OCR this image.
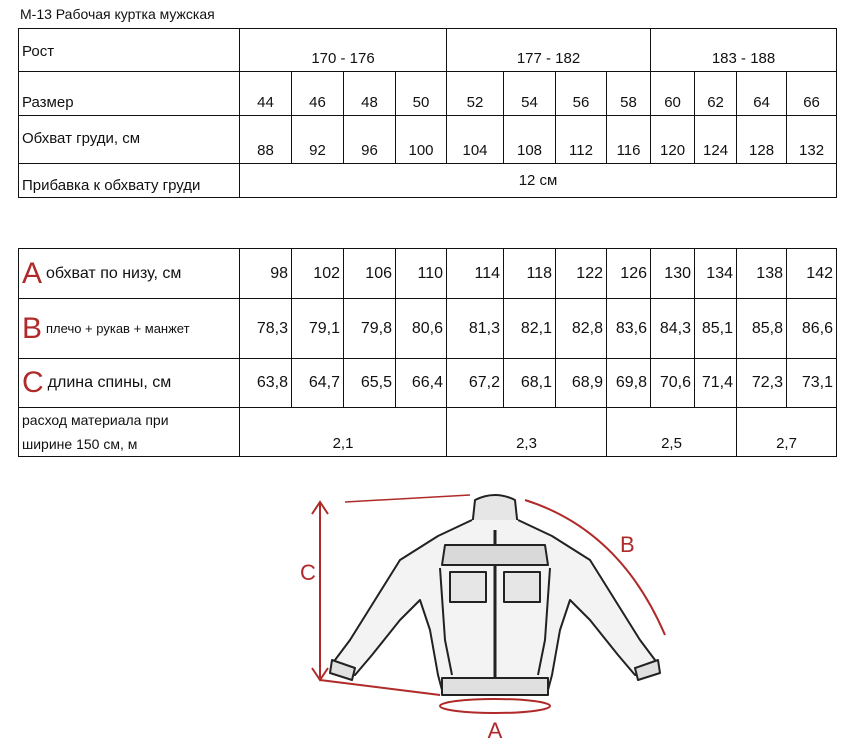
М-13 Рабочая куртка мужская
Рост	170 - 176				177 - 182				183 - 188			
Размер	44	46	48	50	52	54	56	58	60	62	64	66
Обхват груди, см	88	92	96	100	104	108	112	116	120	124	128	132
Прибавка к обхвату груди	12 см											
A обхват по низу, см	98	102	106	110	114	118	122	126	130	134	138	142
B плечо + рукав + манжет	78,3	79,1	79,8	80,6	81,3	82,1	82,8	83,6	84,3	85,1	85,8	86,6
C длина спины, см	63,8	64,7	65,5	66,4	67,2	68,1	68,9	69,8	70,6	71,4	72,3	73,1

расход материала при
ширине 150 см, м	2,1				2,3			2,5			2,7	
A
B
C
